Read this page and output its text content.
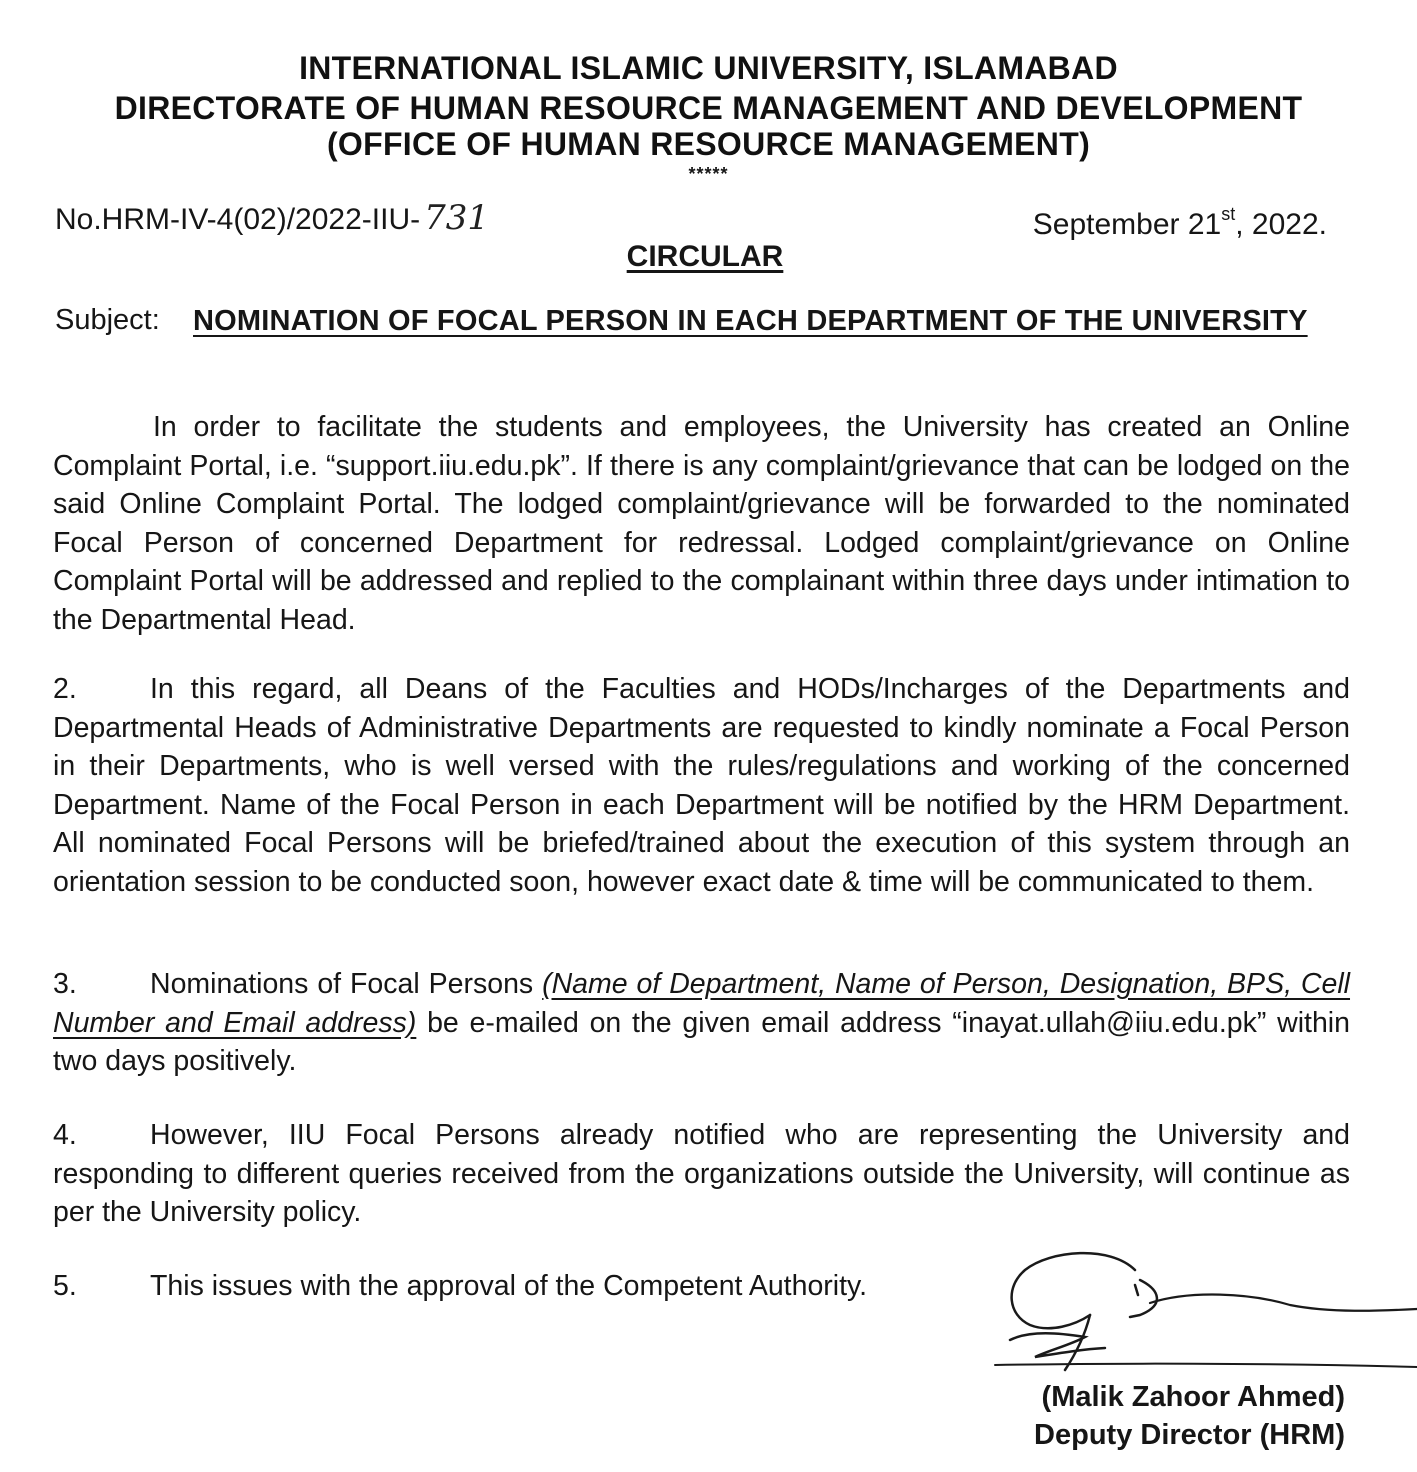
INTERNATIONAL ISLAMIC UNIVERSITY, ISLAMABAD
DIRECTORATE OF HUMAN RESOURCE MANAGEMENT AND DEVELOPMENT
(OFFICE OF HUMAN RESOURCE MANAGEMENT)
*****
No.HRM-IV-4(02)/2022-IIU- 731	September 21st, 2022.
CIRCULAR
Subject: NOMINATION OF FOCAL PERSON IN EACH DEPARTMENT OF THE UNIVERSITY
In order to facilitate the students and employees, the University has created an Online Complaint Portal, i.e. “support.iiu.edu.pk”. If there is any complaint/grievance that can be lodged on the said Online Complaint Portal. The lodged complaint/grievance will be forwarded to the nominated Focal Person of concerned Department for redressal. Lodged complaint/grievance on Online Complaint Portal will be addressed and replied to the complainant within three days under intimation to the Departmental Head.
2.	In this regard, all Deans of the Faculties and HODs/Incharges of the Departments and Departmental Heads of Administrative Departments are requested to kindly nominate a Focal Person in their Departments, who is well versed with the rules/regulations and working of the concerned Department. Name of the Focal Person in each Department will be notified by the HRM Department. All nominated Focal Persons will be briefed/trained about the execution of this system through an orientation session to be conducted soon, however exact date & time will be communicated to them.
3.	Nominations of Focal Persons (Name of Department, Name of Person, Designation, BPS, Cell Number and Email address) be e-mailed on the given email address “inayat.ullah@iiu.edu.pk” within two days positively.
4.	However, IIU Focal Persons already notified who are representing the University and responding to different queries received from the organizations outside the University, will continue as per the University policy.
5.	This issues with the approval of the Competent Authority.
(Malik Zahoor Ahmed)
Deputy Director (HRM)
